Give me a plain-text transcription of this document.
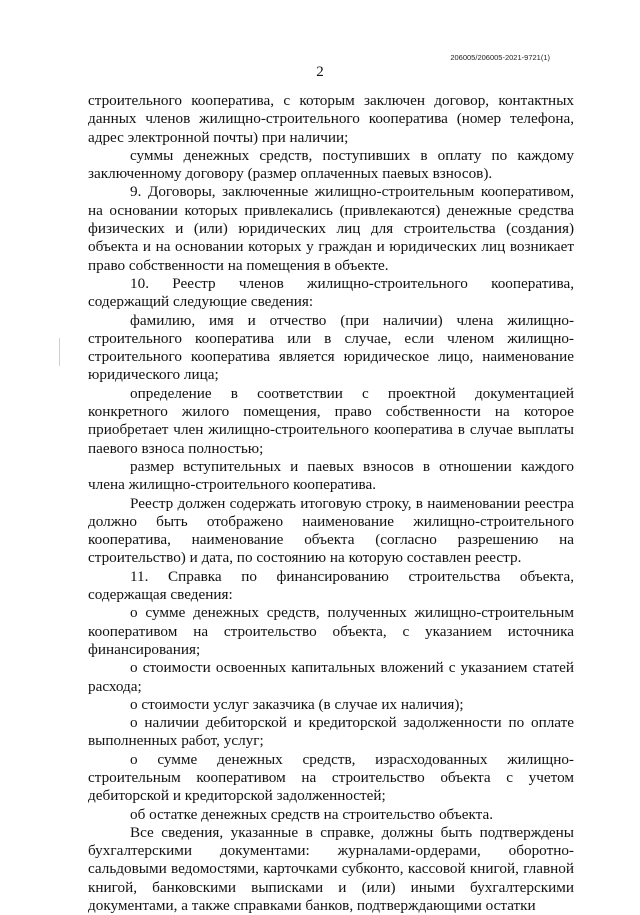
206005/206005-2021-9721(1)
2

строительного кооператива, с которым заключен договор, контактных данных членов жилищно-строительного кооператива (номер телефона, адрес электронной почты) при наличии;

суммы денежных средств, поступивших в оплату по каждому заключенному договору (размер оплаченных паевых взносов).

9. Договоры, заключенные жилищно-строительным кооперативом, на основании которых привлекались (привлекаются) денежные средства физических и (или) юридических лиц для строительства (создания) объекта и на основании которых у граждан и юридических лиц возникает право собственности на помещения в объекте.

10. Реестр членов жилищно-строительного кооператива, содержащий следующие сведения:

фамилию, имя и отчество (при наличии) члена жилищно-строительного кооператива или в случае, если членом жилищно-строительного кооператива является юридическое лицо, наименование юридического лица;

определение в соответствии с проектной документацией конкретного жилого помещения, право собственности на которое приобретает член жилищно-строительного кооператива в случае выплаты паевого взноса полностью;

размер вступительных и паевых взносов в отношении каждого члена жилищно-строительного кооператива.

Реестр должен содержать итоговую строку, в наименовании реестра должно быть отображено наименование жилищно-строительного кооператива, наименование объекта (согласно разрешению на строительство) и дата, по состоянию на которую составлен реестр.

11. Справка по финансированию строительства объекта, содержащая сведения:

о сумме денежных средств, полученных жилищно-строительным кооперативом на строительство объекта, с указанием источника финансирования;

о стоимости освоенных капитальных вложений с указанием статей расхода;

о стоимости услуг заказчика (в случае их наличия);

о наличии дебиторской и кредиторской задолженности по оплате выполненных работ, услуг;

о сумме денежных средств, израсходованных жилищно-строительным кооперативом на строительство объекта с учетом дебиторской и кредиторской задолженностей;

об остатке денежных средств на строительство объекта.

Все сведения, указанные в справке, должны быть подтверждены бухгалтерскими документами: журналами-ордерами, оборотно-сальдовыми ведомостями, карточками субконто, кассовой книгой, главной книгой, банковскими выписками и (или) иными бухгалтерскими документами, а также справками банков, подтверждающими остатки
